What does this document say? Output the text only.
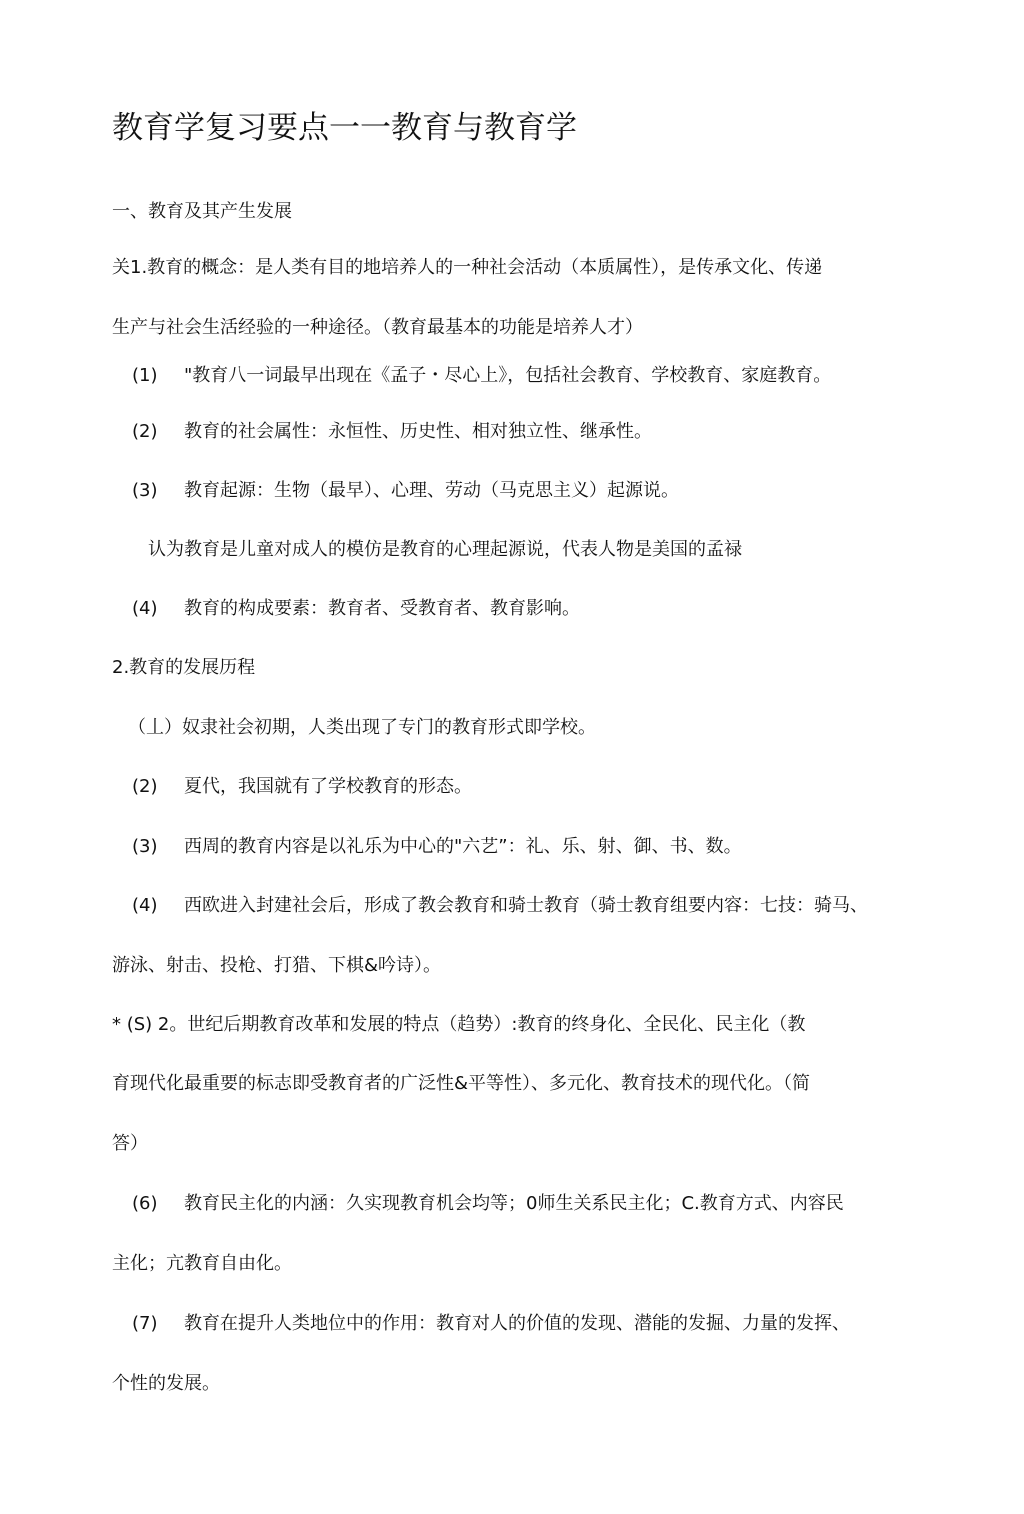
教育学复习要点一一教育与教育学
一、教育及其产生发展
关1.教育的概念：是人类有目的地培养人的一种社会活动（本质属性），是传承文化、传递
生产与社会生活经验的一种途径。（教育最基本的功能是培养人才）
(1) "教育八一词最早出现在《孟子・尽心上》，包括社会教育、学校教育、家庭教育。
(2) 教育的社会属性：永恒性、历史性、相对独立性、继承性。
(3) 教育起源：生物（最早）、心理、劳动（马克思主义）起源说。
认为教育是儿童对成人的模仿是教育的心理起源说，代表人物是美国的孟禄
(4) 教育的构成要素：教育者、受教育者、教育影响。
2.教育的发展历程
（丄）奴隶社会初期，人类出现了专门的教育形式即学校。
(2) 夏代，我国就有了学校教育的形态。
(3) 西周的教育内容是以礼乐为中心的"六艺”：礼、乐、射、御、书、数。
(4) 西欧进入封建社会后，形成了教会教育和骑士教育（骑士教育组要内容：七技：骑马、
游泳、射击、投枪、打猎、下棋&吟诗）。
* (S) 2。世纪后期教育改革和发展的特点（趋势）:教育的终身化、全民化、民主化（教
育现代化最重要的标志即受教育者的广泛性&平等性）、多元化、教育技术的现代化。（简
答）
(6) 教育民主化的内涵：久实现教育机会均等；0师生关系民主化；C.教育方式、内容民
主化；亢教育自由化。
(7) 教育在提升人类地位中的作用：教育对人的价值的发现、潜能的发掘、力量的发挥、
个性的发展。
